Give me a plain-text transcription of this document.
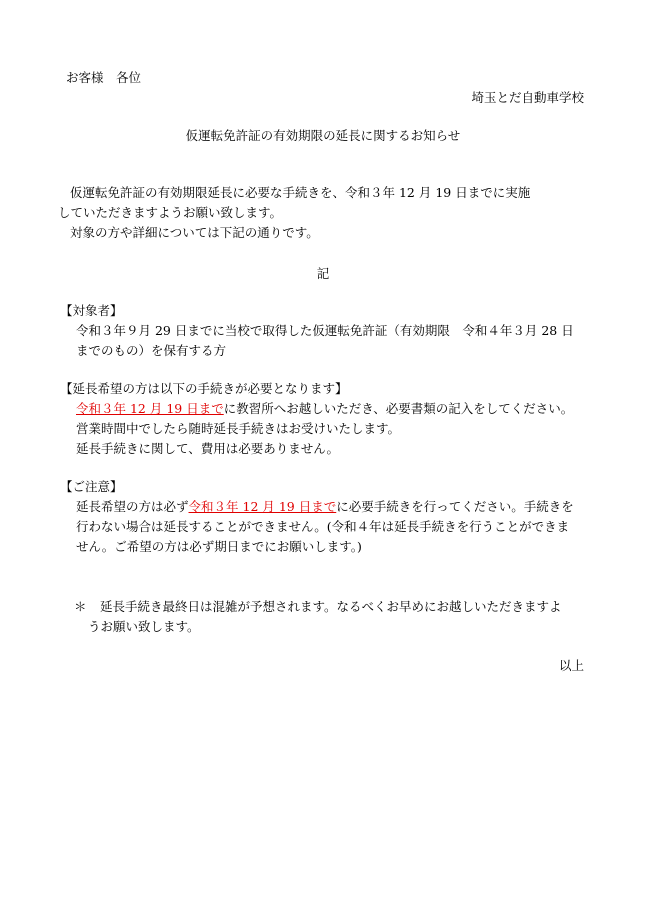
お客様　各位
埼玉とだ自動車学校
仮運転免許証の有効期限の延長に関するお知らせ
仮運転免許証の有効期限延長に必要な手続きを、令和３年 12 月 19 日までに実施
していただきますようお願い致します。
対象の方や詳細については下記の通りです。
記
【対象者】
令和３年９月 29 日までに当校で取得した仮運転免許証（有効期限　令和４年３月 28 日
までのもの）を保有する方
【延長希望の方は以下の手続きが必要となります】
令和３年 12 月 19 日までに教習所へお越しいただき、必要書類の記入をしてください。
営業時間中でしたら随時延長手続きはお受けいたします。
延長手続きに関して、費用は必要ありません。
【ご注意】
延長希望の方は必ず令和３年 12 月 19 日までに必要手続きを行ってください。手続きを
行わない場合は延長することができません。(令和４年は延長手続きを行うことができま
せん。ご希望の方は必ず期日までにお願いします。)
＊ 延長手続き最終日は混雑が予想されます。なるべくお早めにお越しいただきますよ
うお願い致します。
以上
